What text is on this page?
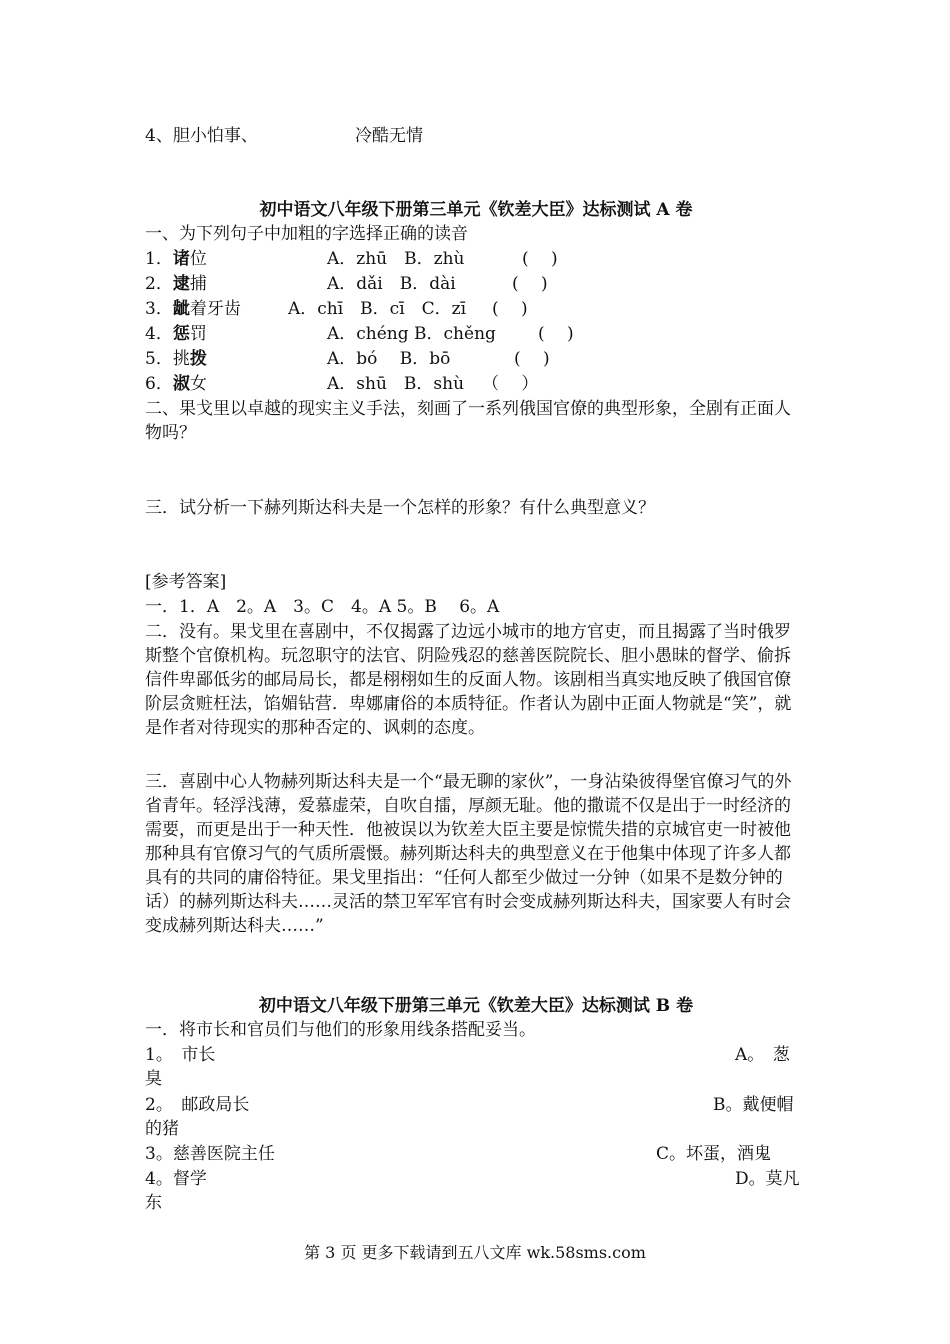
4、胆小怕事、	冷酷无情
初中语文八年级下册第三单元《钦差大臣》达标测试 A 卷
一、为下列句子中加粗的字选择正确的读音
1．诸位	A．zhū　B．zhù	(　 )
2．逮捕	A．dǎi　B．dài	(　 )
3．龇着牙齿	A．chī　B．cī　C．zī (　 )
4．惩罚	A．chéng B．chěng (　 )
5．挑拨	A．bó　 B．bō	(　 )
6．淑女	A．shū　B．shù （　 ）
二、果戈里以卓越的现实主义手法，刻画了一系列俄国官僚的典型形象，全剧有正面人物吗？
三．试分析一下赫列斯达科夫是一个怎样的形象？有什么典型意义？
[参考答案]
一．1．A　2。A　3。C　4。A 5。B　 6。A
二．没有。果戈里在喜剧中，不仅揭露了边远小城市的地方官吏，而且揭露了当时俄罗斯整个官僚机构。玩忽职守的法官、阴险残忍的慈善医院院长、胆小愚昧的督学、偷拆信件卑鄙低劣的邮局局长，都是栩栩如生的反面人物。该剧相当真实地反映了俄国官僚阶层贪赃枉法，馅媚钻营．卑娜庸俗的本质特征。作者认为剧中正面人物就是“笑”，就是作者对待现实的那种否定的、讽刺的态度。
三．喜剧中心人物赫列斯达科夫是一个“最无聊的家伙”，一身沾染彼得堡官僚习气的外省青年。轻浮浅薄，爱慕虚荣，自吹自擂，厚颜无耻。他的撒谎不仅是出于一时经济的需要，而更是出于一种天性．他被误以为钦差大臣主要是惊慌失措的京城官吏一时被他那种具有官僚习气的气质所震慑。赫列斯达科夫的典型意义在于他集中体现了许多人都具有的共同的庸俗特征。果戈里指出：“任何人都至少做过一分钟（如果不是数分钟的话）的赫列斯达科夫……灵活的禁卫军军官有时会变成赫列斯达科夫，国家要人有时会变成赫列斯达科夫……”
初中语文八年级下册第三单元《钦差大臣》达标测试 B 卷
一．将市长和官员们与他们的形象用线条搭配妥当。
1。　市长	A。　葱
臭
2。　邮政局长	B。戴便帽
的猪
3。慈善医院主任	C。坏蛋，酒鬼
4。督学	D。莫凡
东
第 3 页 更多下载请到五八文库 wk.58sms.com
